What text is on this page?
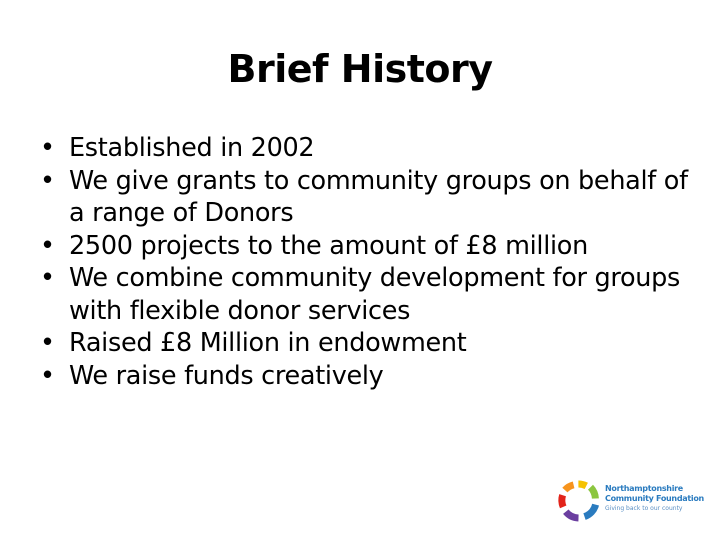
Brief History
• Established in 2002
• We give grants to community groups on behalf of a range of Donors
• 2500 projects to the amount of £8 million
• We combine community development for groups with flexible donor services
• Raised £8 Million in endowment
• We raise funds creatively
Northamptonshire
Community Foundation
Giving back to our county
